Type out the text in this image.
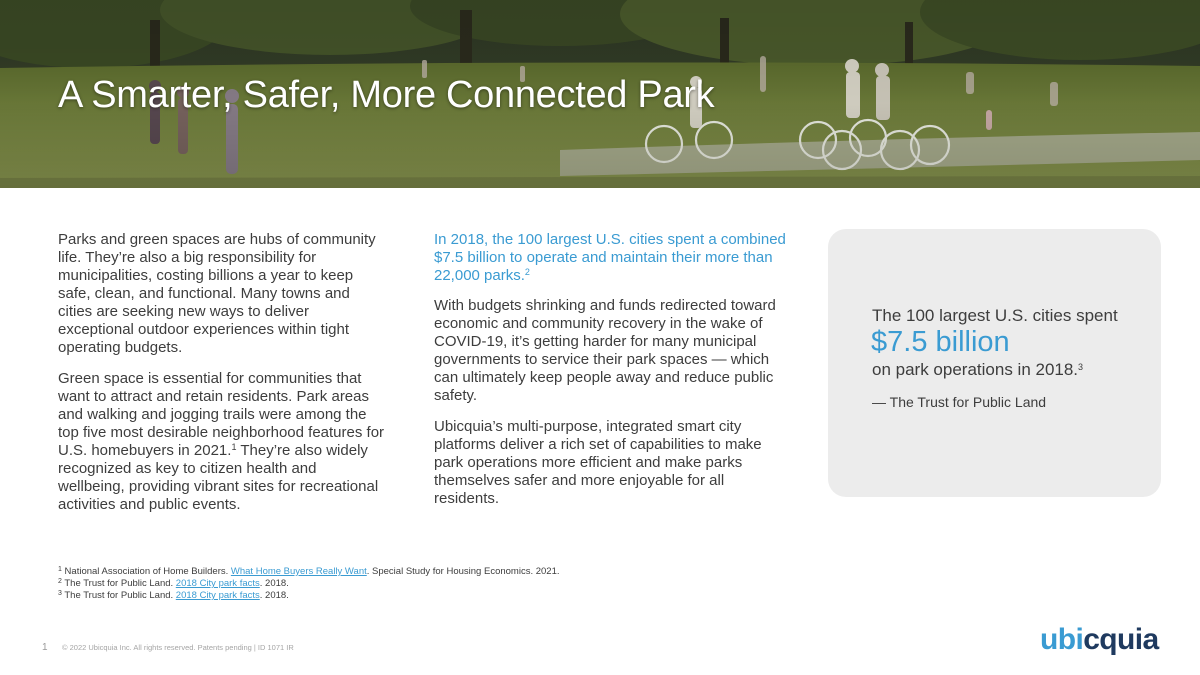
A Smarter, Safer, More Connected Park

Parks and green spaces are hubs of community life. They’re also a big responsibility for municipalities, costing billions a year to keep safe, clean, and functional. Many towns and cities are seeking new ways to deliver exceptional outdoor experiences within tight operating budgets.

Green space is essential for communities that want to attract and retain residents. Park areas and walking and jogging trails were among the top five most desirable neighborhood features for U.S. homebuyers in 2021.$^1$ They’re also widely recognized as key to citizen health and wellbeing, providing vibrant sites for recreational activities and public events.

In 2018, the 100 largest U.S. cities spent a combined $7.5 billion to operate and maintain their more than 22,000 parks.$^2$

With budgets shrinking and funds redirected toward economic and community recovery in the wake of COVID-19, it’s getting harder for many municipal governments to service their park spaces — which can ultimately keep people away and reduce public safety.

Ubicquia’s multi-purpose, integrated smart city platforms deliver a rich set of capabilities to make park operations more efficient and make parks themselves safer and more enjoyable for all residents.

The 100 largest U.S. cities spent

$7.5 billion

on park operations in 2018.$^3$

— The Trust for Public Land

$^1$ National Association of Home Builders. What Home Buyers Really Want. Special Study for Housing Economics. 2021.

$^2$ The Trust for Public Land. 2018 City park facts. 2018.

$^3$ The Trust for Public Land. 2018 City park facts. 2018.

1 © 2022 Ubicquia Inc. All rights reserved. Patents pending | ID 1071 IR	ubicquia
